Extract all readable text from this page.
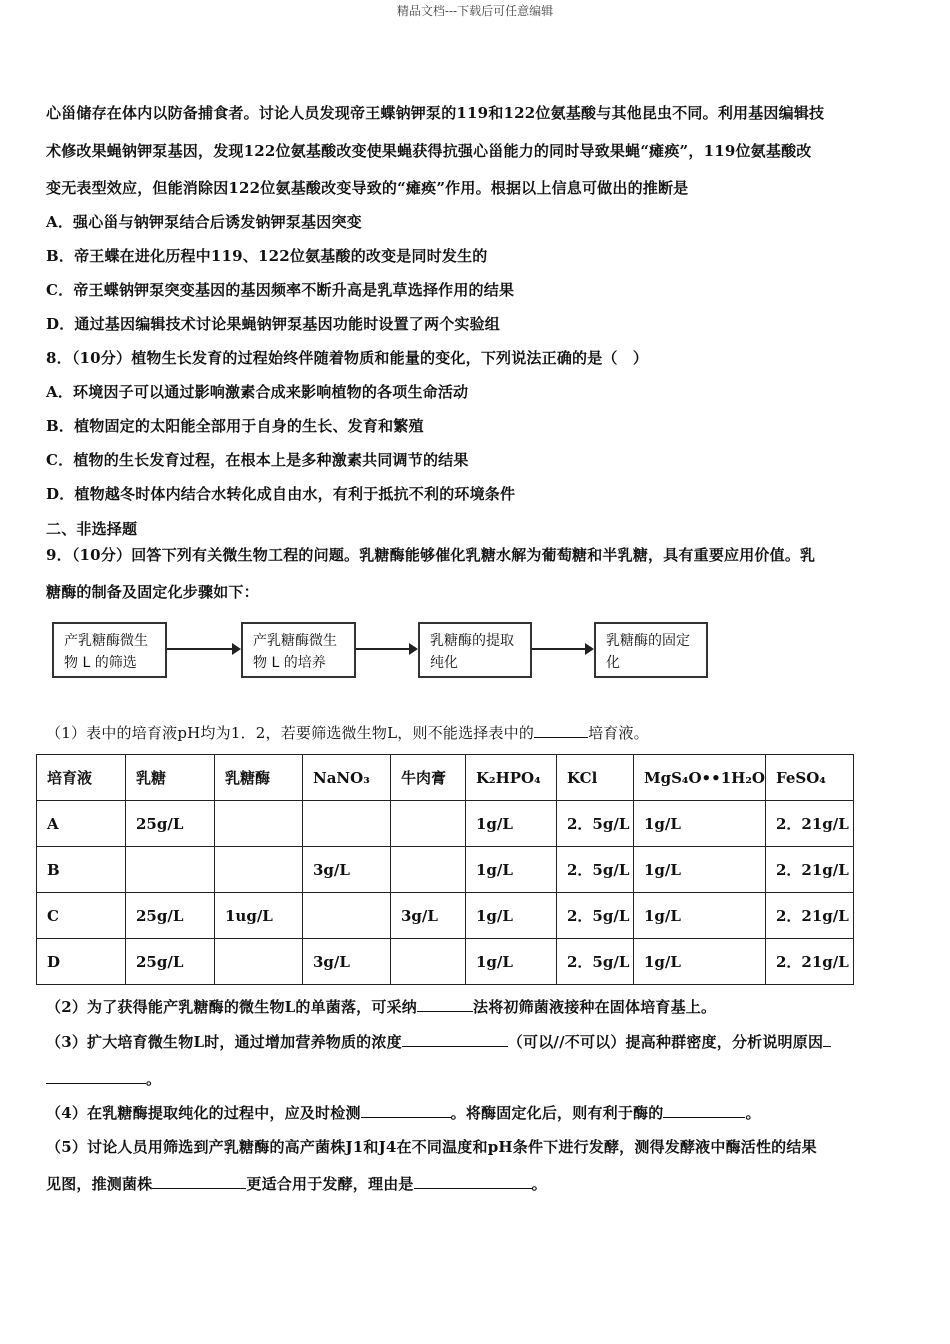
精品文档---下载后可任意编辑
心甾储存在体内以防备捕食者。讨论人员发现帝王蝶钠钾泵的119和122位氨基酸与其他昆虫不同。利用基因编辑技
术修改果蝇钠钾泵基因，发现122位氨基酸改变使果蝇获得抗强心甾能力的同时导致果蝇“瘫痪”，119位氨基酸改
变无表型效应，但能消除因122位氨基酸改变导致的“瘫痪”作用。根据以上信息可做出的推断是
A．强心甾与钠钾泵结合后诱发钠钾泵基因突变
B．帝王蝶在进化历程中119、122位氨基酸的改变是同时发生的
C．帝王蝶钠钾泵突变基因的基因频率不断升高是乳草选择作用的结果
D．通过基因编辑技术讨论果蝇钠钾泵基因功能时设置了两个实验组
8．（10分）植物生长发育的过程始终伴随着物质和能量的变化，下列说法正确的是（　）
A．环境因子可以通过影响激素合成来影响植物的各项生命活动
B．植物固定的太阳能全部用于自身的生长、发育和繁殖
C．植物的生长发育过程，在根本上是多种激素共同调节的结果
D．植物越冬时体内结合水转化成自由水，有利于抵抗不利的环境条件
二、非选择题
9．（10分）回答下列有关微生物工程的问题。乳糖酶能够催化乳糖水解为葡萄糖和半乳糖，具有重要应用价值。乳
糖酶的制备及固定化步骤如下：
产乳糖酶微生
物 L 的筛选
产乳糖酶微生
物 L 的培养
乳糖酶的提取
纯化
乳糖酶的固定
化
（1）表中的培育液pH均为1．2，若要筛选微生物L，则不能选择表中的	培育液。
培育液	乳糖	乳糖酶	NaNO₃	牛肉膏	K₂HPO₄	KCl	MgS₄O••1H₂O	FeSO₄
A	25g/L				1g/L	2．5g/L	1g/L	2．21g/L
B			3g/L		1g/L	2．5g/L	1g/L	2．21g/L
C	25g/L	1ug/L		3g/L	1g/L	2．5g/L	1g/L	2．21g/L
D	25g/L		3g/L		1g/L	2．5g/L	1g/L	2．21g/L
（2）为了获得能产乳糖酶的微生物L的单菌落，可采纳	法将初筛菌液接种在固体培育基上。
（3）扩大培育微生物L时，通过增加营养物质的浓度	（可以//不可以）提高种群密度，分析说明原因
。
（4）在乳糖酶提取纯化的过程中，应及时检测	。将酶固定化后，则有利于酶的	。
（5）讨论人员用筛选到产乳糖酶的高产菌株J1和J4在不同温度和pH条件下进行发酵，测得发酵液中酶活性的结果
见图，推测菌株	更适合用于发酵，理由是	。
